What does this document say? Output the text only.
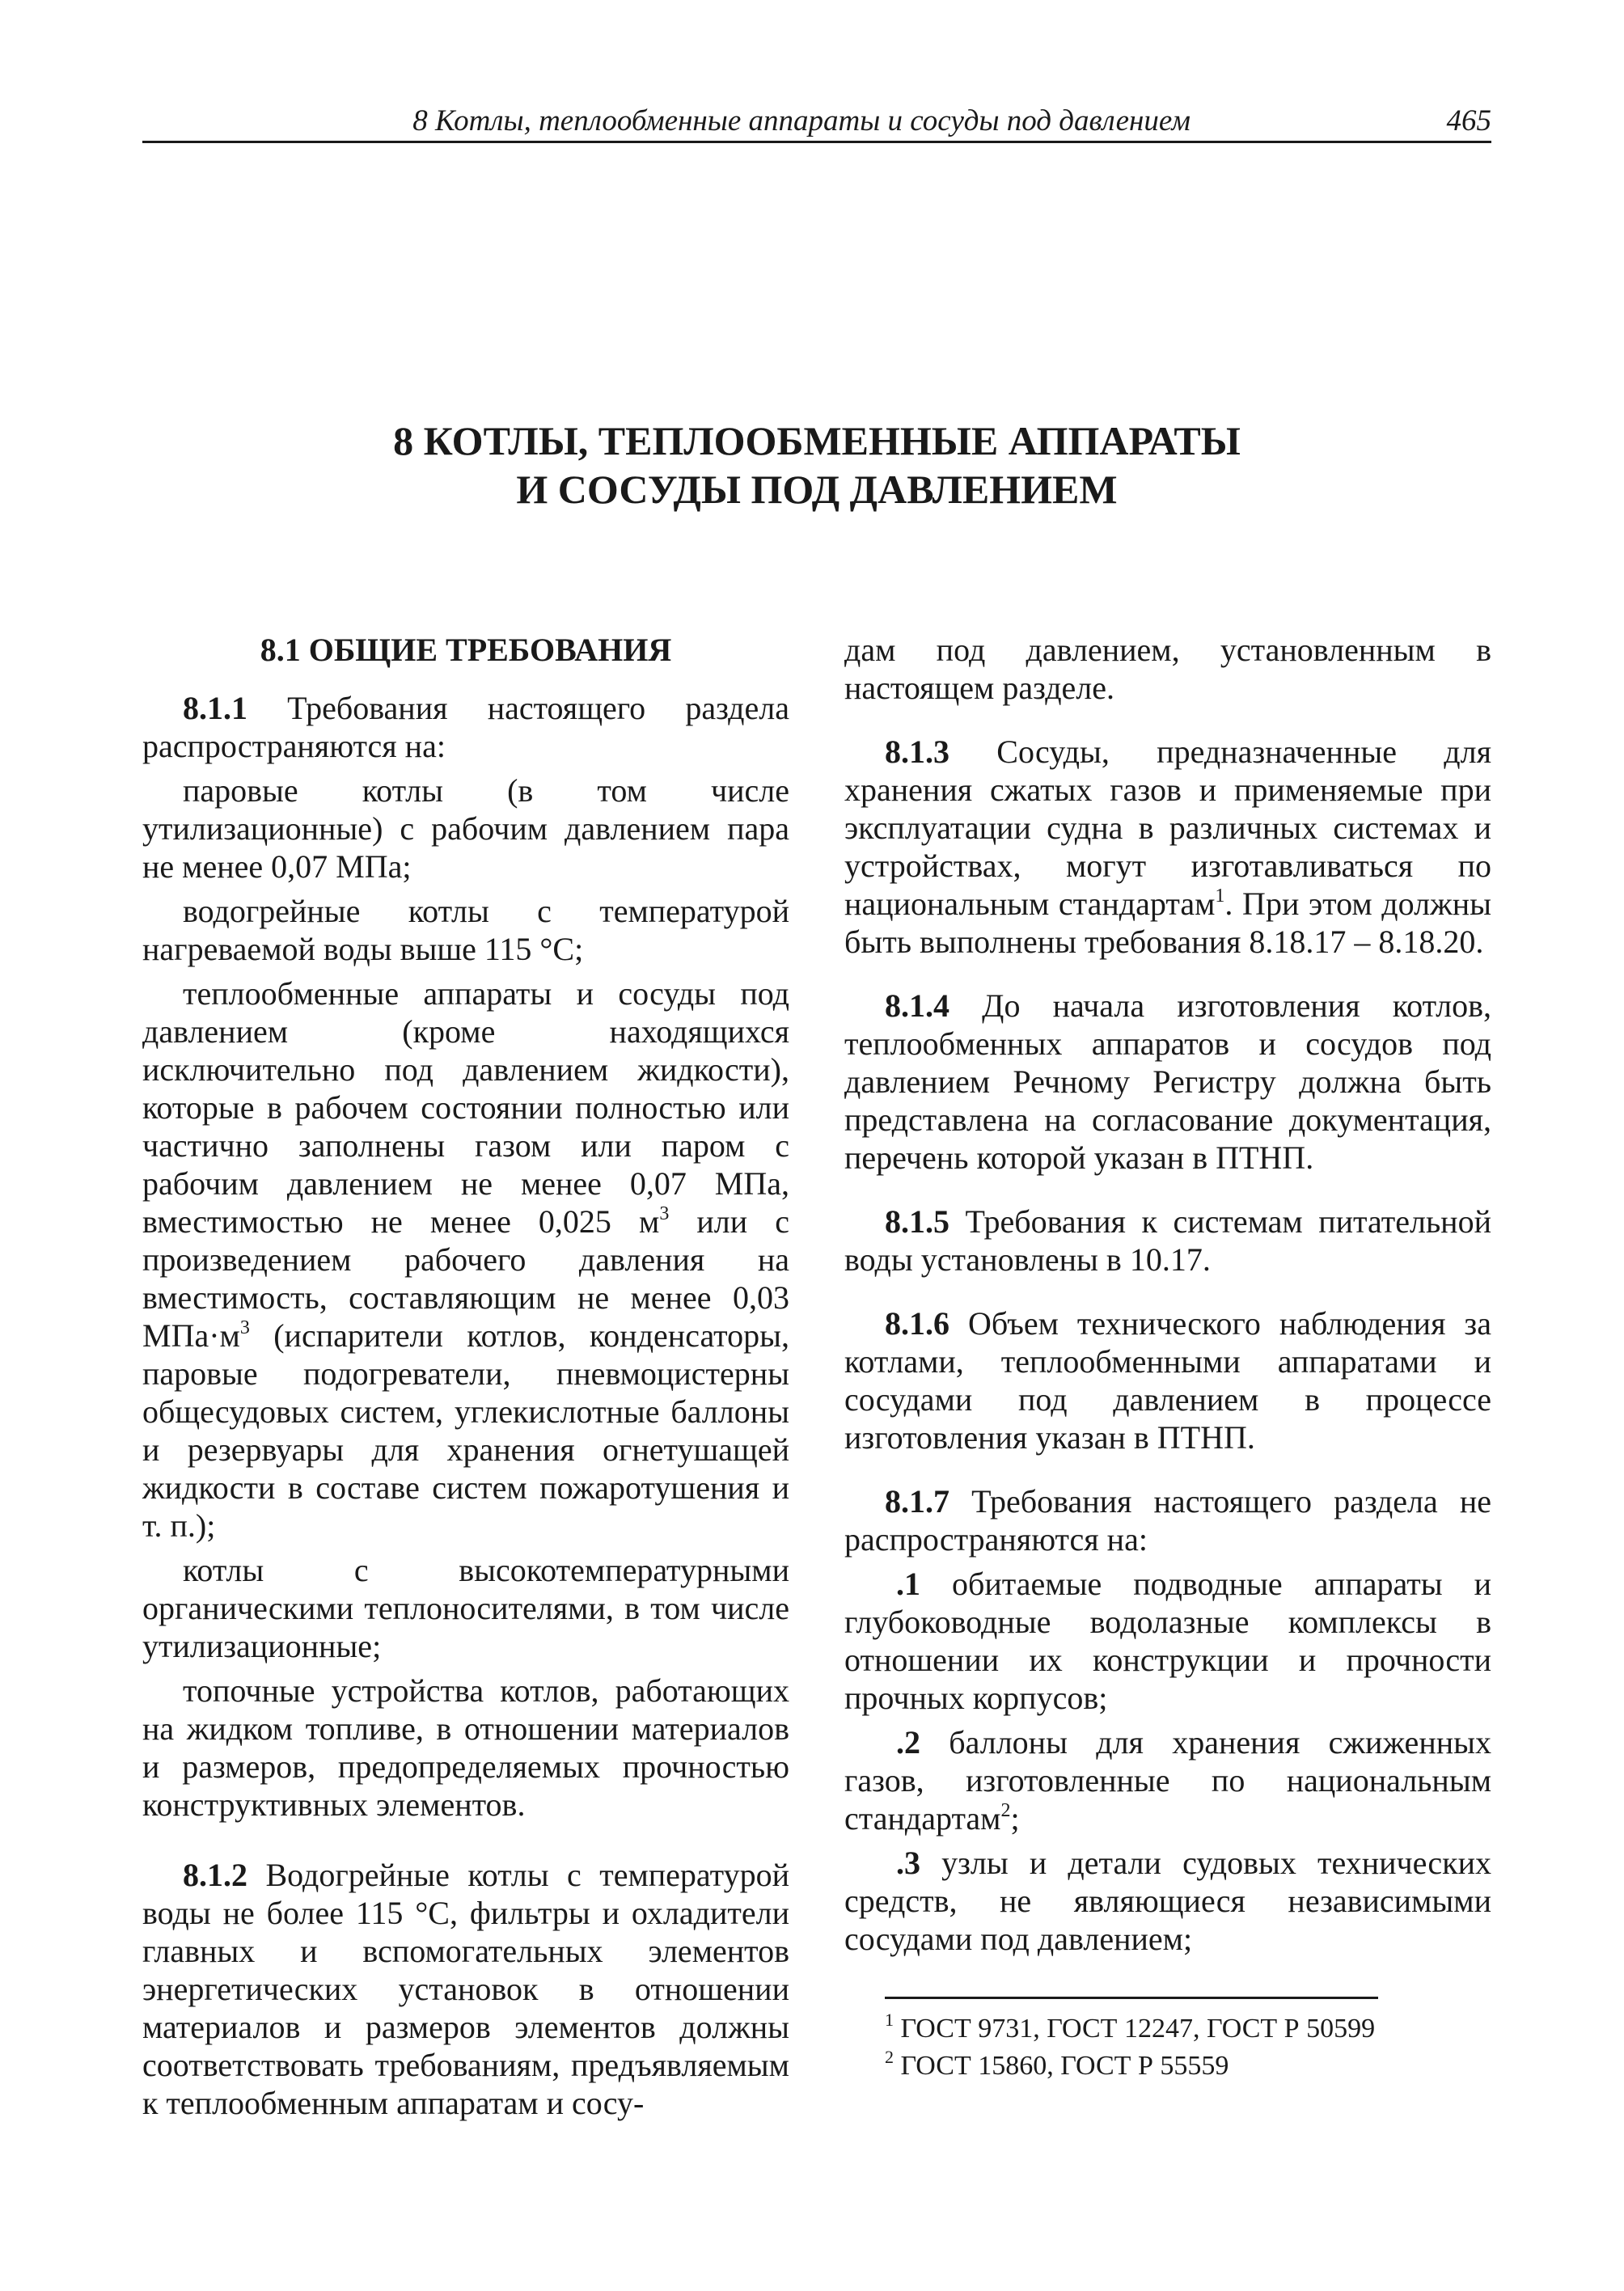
8 Котлы, теплообменные аппараты и сосуды под давлением	465
8 КОТЛЫ, ТЕПЛООБМЕННЫЕ АППАРАТЫ
И СОСУДЫ ПОД ДАВЛЕНИЕМ
8.1 ОБЩИЕ ТРЕБОВАНИЯ

8.1.1 Требования настоящего раздела распространяются на:

паровые котлы (в том числе утилизационные) с рабочим давлением пара не менее 0,07 МПа;

водогрейные котлы с температурой нагреваемой воды выше 115 °С;

теплообменные аппараты и сосуды под давлением (кроме находящихся исключительно под давлением жидкости), которые в рабочем состоянии полностью или частично заполнены газом или паром с рабочим давлением не менее 0,07 МПа, вместимостью не менее 0,025 $м^3$ или с произведением рабочего давления на вместимость, составляющим не менее 0,03 $МПа\cdot м^3$ (испарители котлов, конденсаторы, паровые подогреватели, пневмоцистерны общесудовых систем, углекислотные баллоны и резервуары для хранения огнетушащей жидкости в составе систем пожаротушения и т. п.);

котлы с высокотемпературными органическими теплоносителями, в том числе утилизационные;

топочные устройства котлов, работающих на жидком топливе, в отношении материалов и размеров, предопределяемых прочностью конструктивных элементов.

8.1.2 Водогрейные котлы с температурой воды не более 115 °С, фильтры и охладители главных и вспомогательных элементов энергетических установок в отношении материалов и размеров элементов должны соответствовать требованиям, предъявляемым к теплообменным аппаратам и сосу-

дам под давлением, установленным в настоящем разделе.

8.1.3 Сосуды, предназначенные для хранения сжатых газов и применяемые при эксплуатации судна в различных системах и устройствах, могут изготавливаться по национальным стандартам$^1$. При этом должны быть выполнены требования 8.18.17 – 8.18.20.

8.1.4 До начала изготовления котлов, теплообменных аппаратов и сосудов под давлением Речному Регистру должна быть представлена на согласование документация, перечень которой указан в ПТНП.

8.1.5 Требования к системам питательной воды установлены в 10.17.

8.1.6 Объем технического наблюдения за котлами, теплообменными аппаратами и сосудами под давлением в процессе изготовления указан в ПТНП.

8.1.7 Требования настоящего раздела не распространяются на:

.1 обитаемые подводные аппараты и глубоководные водолазные комплексы в отношении их конструкции и прочности прочных корпусов;

.2 баллоны для хранения сжиженных газов, изготовленные по национальным стандартам$^2$;

.3 узлы и детали судовых технических средств, не являющиеся независимыми сосудами под давлением;

$^1$ ГОСТ 9731, ГОСТ 12247, ГОСТ Р 50599

$^2$ ГОСТ 15860, ГОСТ Р 55559
